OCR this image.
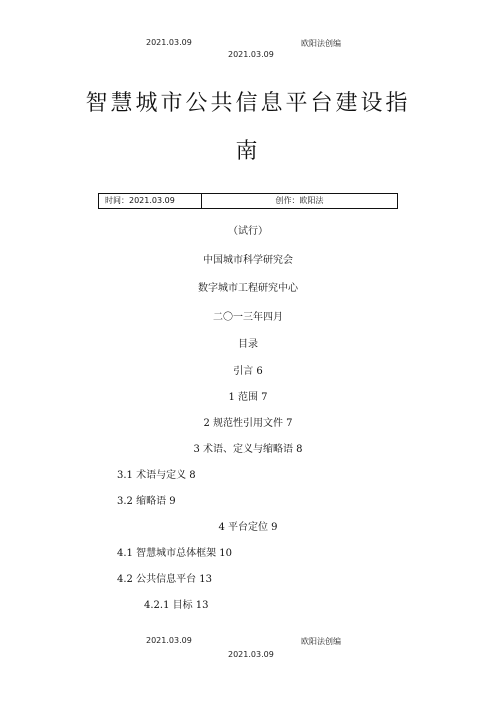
2021.03.09	欧阳法创编
2021.03.09
智慧城市公共信息平台建设指
南
时间：2021.03.09	创作：欧阳法
（试行）
中国城市科学研究会
数字城市工程研究中心
二〇一三年四月
目录
引言 6
1 范围 7
2 规范性引用文件 7
3 术语、定义与缩略语 8
3.1 术语与定义 8
3.2 缩略语 9
4 平台定位 9
4.1 智慧城市总体框架 10
4.2 公共信息平台 13
4.2.1 目标 13
2021.03.09	欧阳法创编
2021.03.09
